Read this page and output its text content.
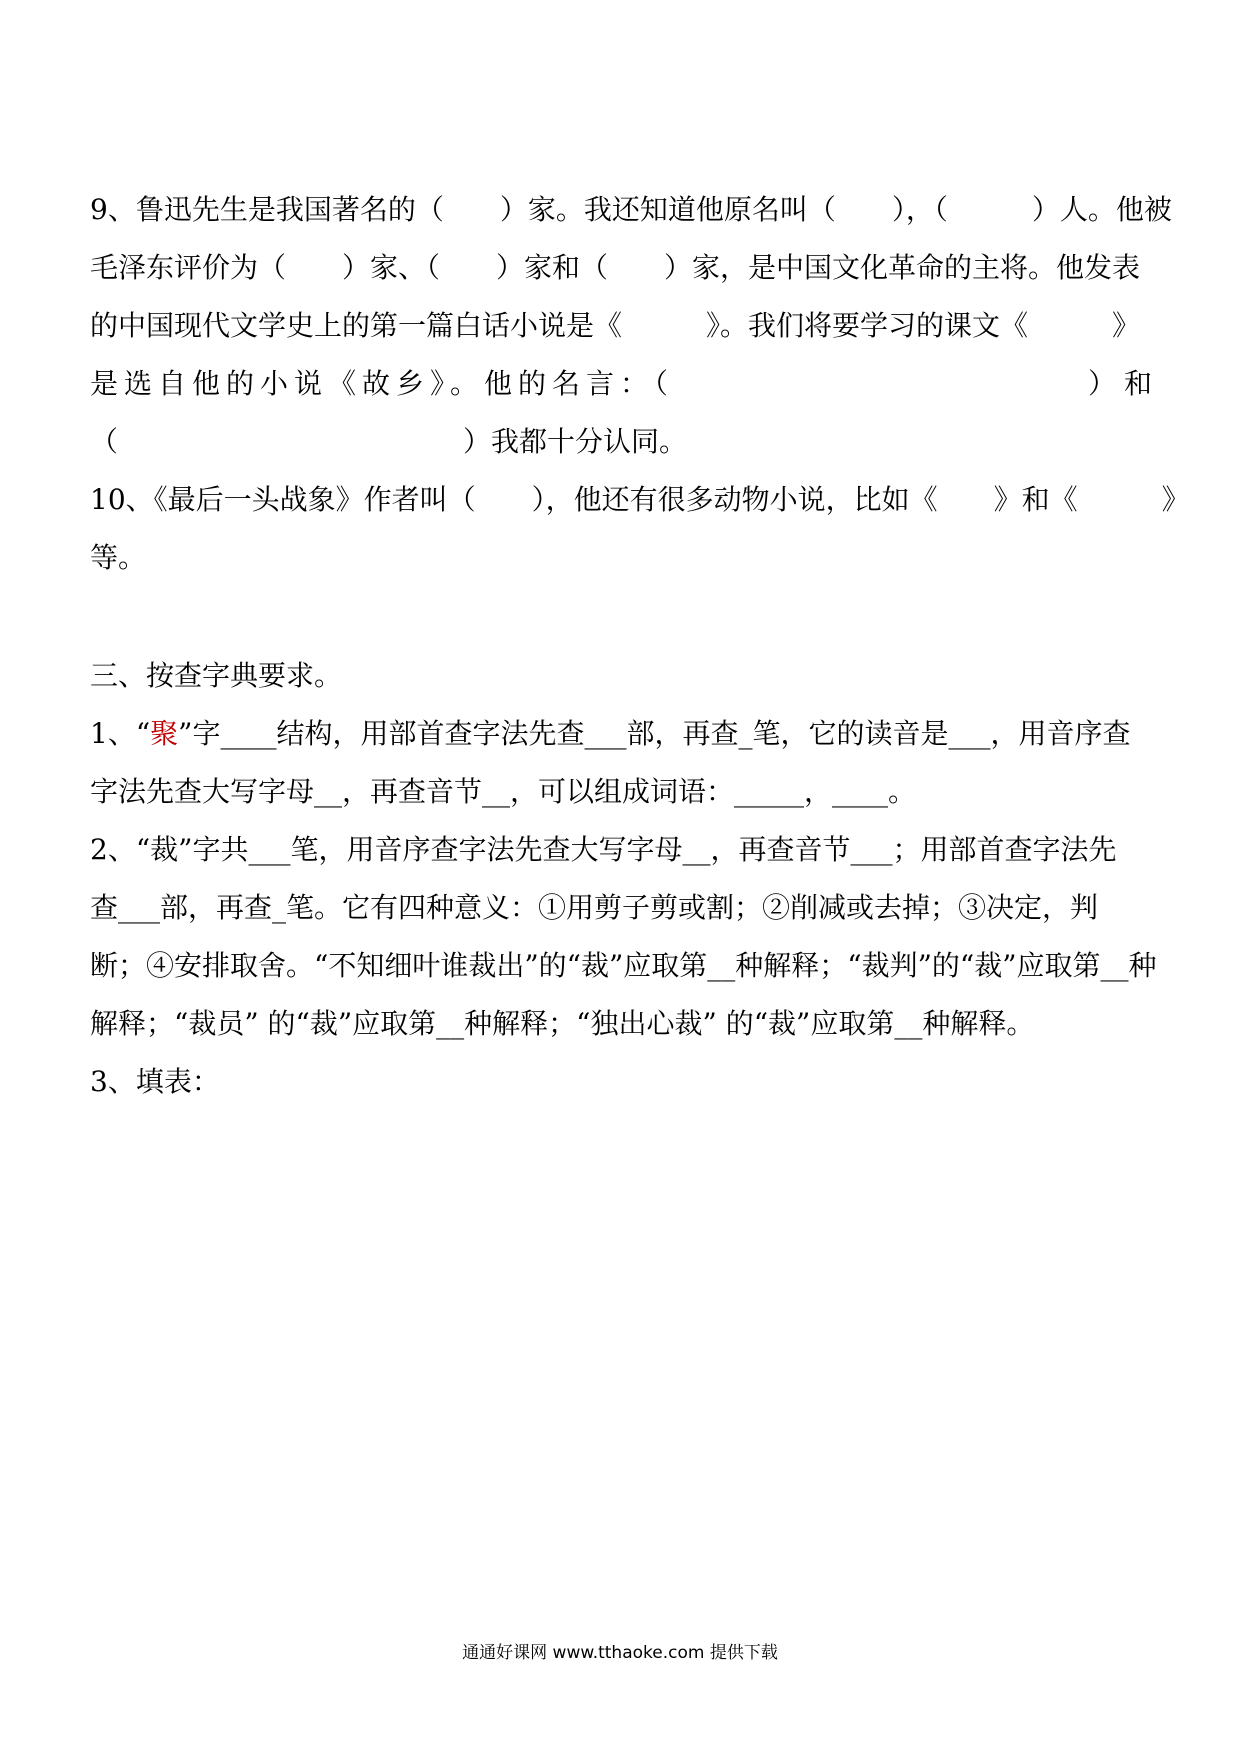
9、鲁迅先生是我国著名的（　　）家。我还知道他原名叫（　　），（　　　）人。他被
毛泽东评价为（　　）家、（　　）家和（　　）家，是中国文化革命的主将。他发表
的中国现代文学史上的第一篇白话小说是《　　　》。我们将要学习的课文《　　　》
是选自他的小说《故乡》。他的名言：（	）和
（	）我都十分认同。
10、《最后一头战象》作者叫（　　），他还有很多动物小说，比如《　　》和《　　　》
等。
三、按查字典要求。
1、“聚”字____结构，用部首查字法先查___部，再查_笔，它的读音是___，用音序查
字法先查大写字母__，再查音节__，可以组成词语：_____，____。
2、“裁”字共___笔，用音序查字法先查大写字母__，再查音节___；用部首查字法先
查___部，再查_笔。它有四种意义：①用剪子剪或割；②削减或去掉；③决定，判
断；④安排取舍。“不知细叶谁裁出”的“裁”应取第__种解释；“裁判”的“裁”应取第__种
解释；“裁员” 的“裁”应取第__种解释；“独出心裁” 的“裁”应取第__种解释。
3、填表：
通通好课网 www.tthaoke.com 提供下载
